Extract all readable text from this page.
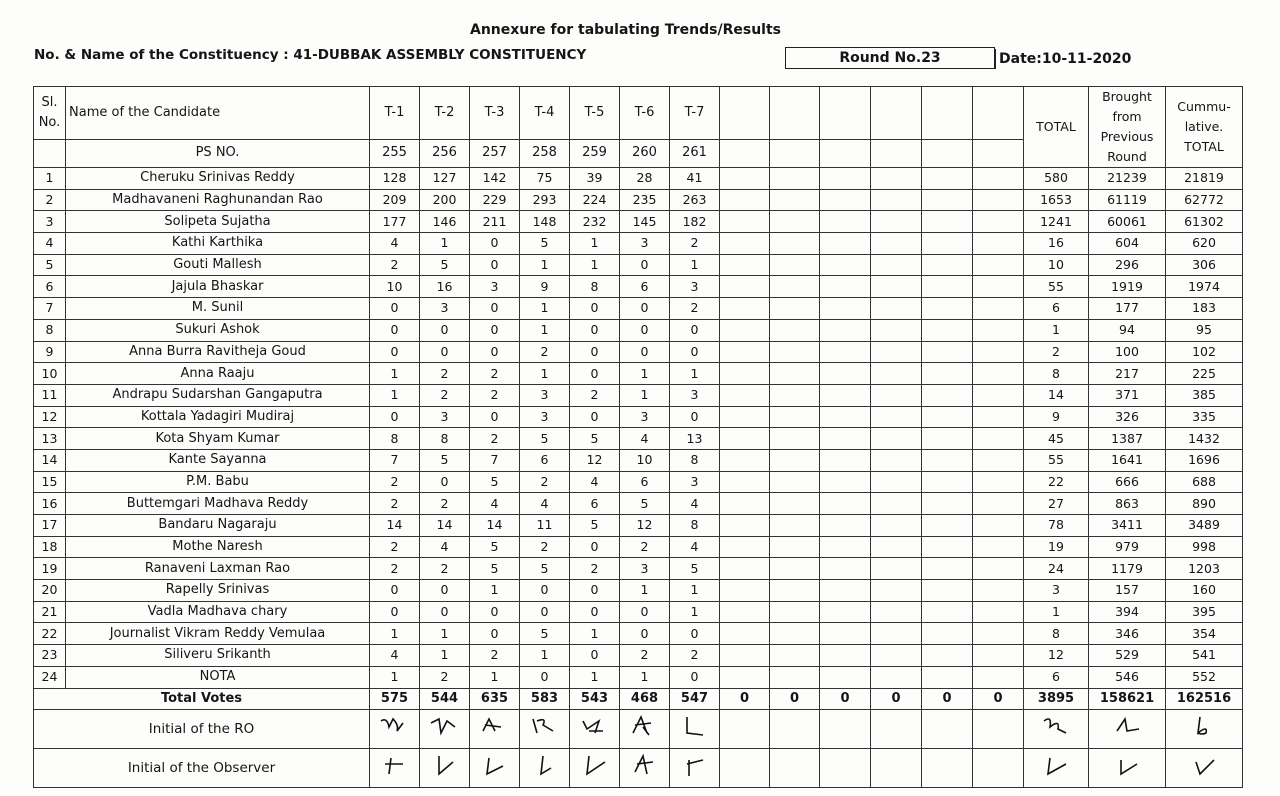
Annexure for tabulating Trends/Results
No. & Name of the Constituency : 41-DUBBAK ASSEMBLY CONSTITUENCY	Round No.23	Date:10-11-2020
Sl. No.	Name of the Candidate	T-1	T-2	T-3	T-4	T-5	T-6	T-7							TOTAL	Brought from Previous Round	Cummu- lative. TOTAL
	PS NO.	255	256	257	258	259	260	261									
1	Cheruku Srinivas Reddy	128	127	142	75	39	28	41							580	21239	21819
2	Madhavaneni Raghunandan Rao	209	200	229	293	224	235	263							1653	61119	62772
3	Solipeta Sujatha	177	146	211	148	232	145	182							1241	60061	61302
4	Kathi Karthika	4	1	0	5	1	3	2							16	604	620
5	Gouti Mallesh	2	5	0	1	1	0	1							10	296	306
6	Jajula Bhaskar	10	16	3	9	8	6	3							55	1919	1974
7	M. Sunil	0	3	0	1	0	0	2							6	177	183
8	Sukuri Ashok	0	0	0	1	0	0	0							1	94	95
9	Anna Burra Ravitheja Goud	0	0	0	2	0	0	0							2	100	102
10	Anna Raaju	1	2	2	1	0	1	1							8	217	225
11	Andrapu Sudarshan Gangaputra	1	2	2	3	2	1	3							14	371	385
12	Kottala Yadagiri Mudiraj	0	3	0	3	0	3	0							9	326	335
13	Kota Shyam Kumar	8	8	2	5	5	4	13							45	1387	1432
14	Kante Sayanna	7	5	7	6	12	10	8							55	1641	1696
15	P.M. Babu	2	0	5	2	4	6	3							22	666	688
16	Buttemgari Madhava Reddy	2	2	4	4	6	5	4							27	863	890
17	Bandaru Nagaraju	14	14	14	11	5	12	8							78	3411	3489
18	Mothe Naresh	2	4	5	2	0	2	4							19	979	998
19	Ranaveni Laxman Rao	2	2	5	5	2	3	5							24	1179	1203
20	Rapelly Srinivas	0	0	1	0	0	1	1							3	157	160
21	Vadla Madhava chary	0	0	0	0	0	0	1							1	394	395
22	Journalist Vikram Reddy Vemulaa	1	1	0	5	1	0	0							8	346	354
23	Siliveru Srikanth	4	1	2	1	0	2	2							12	529	541
24	NOTA	1	2	1	0	1	1	0							6	546	552
Total Votes		575	544	635	583	543	468	547	0	0	0	0	0	0	3895	158621	162516
Initial of the RO																
Initial of the Observer																
